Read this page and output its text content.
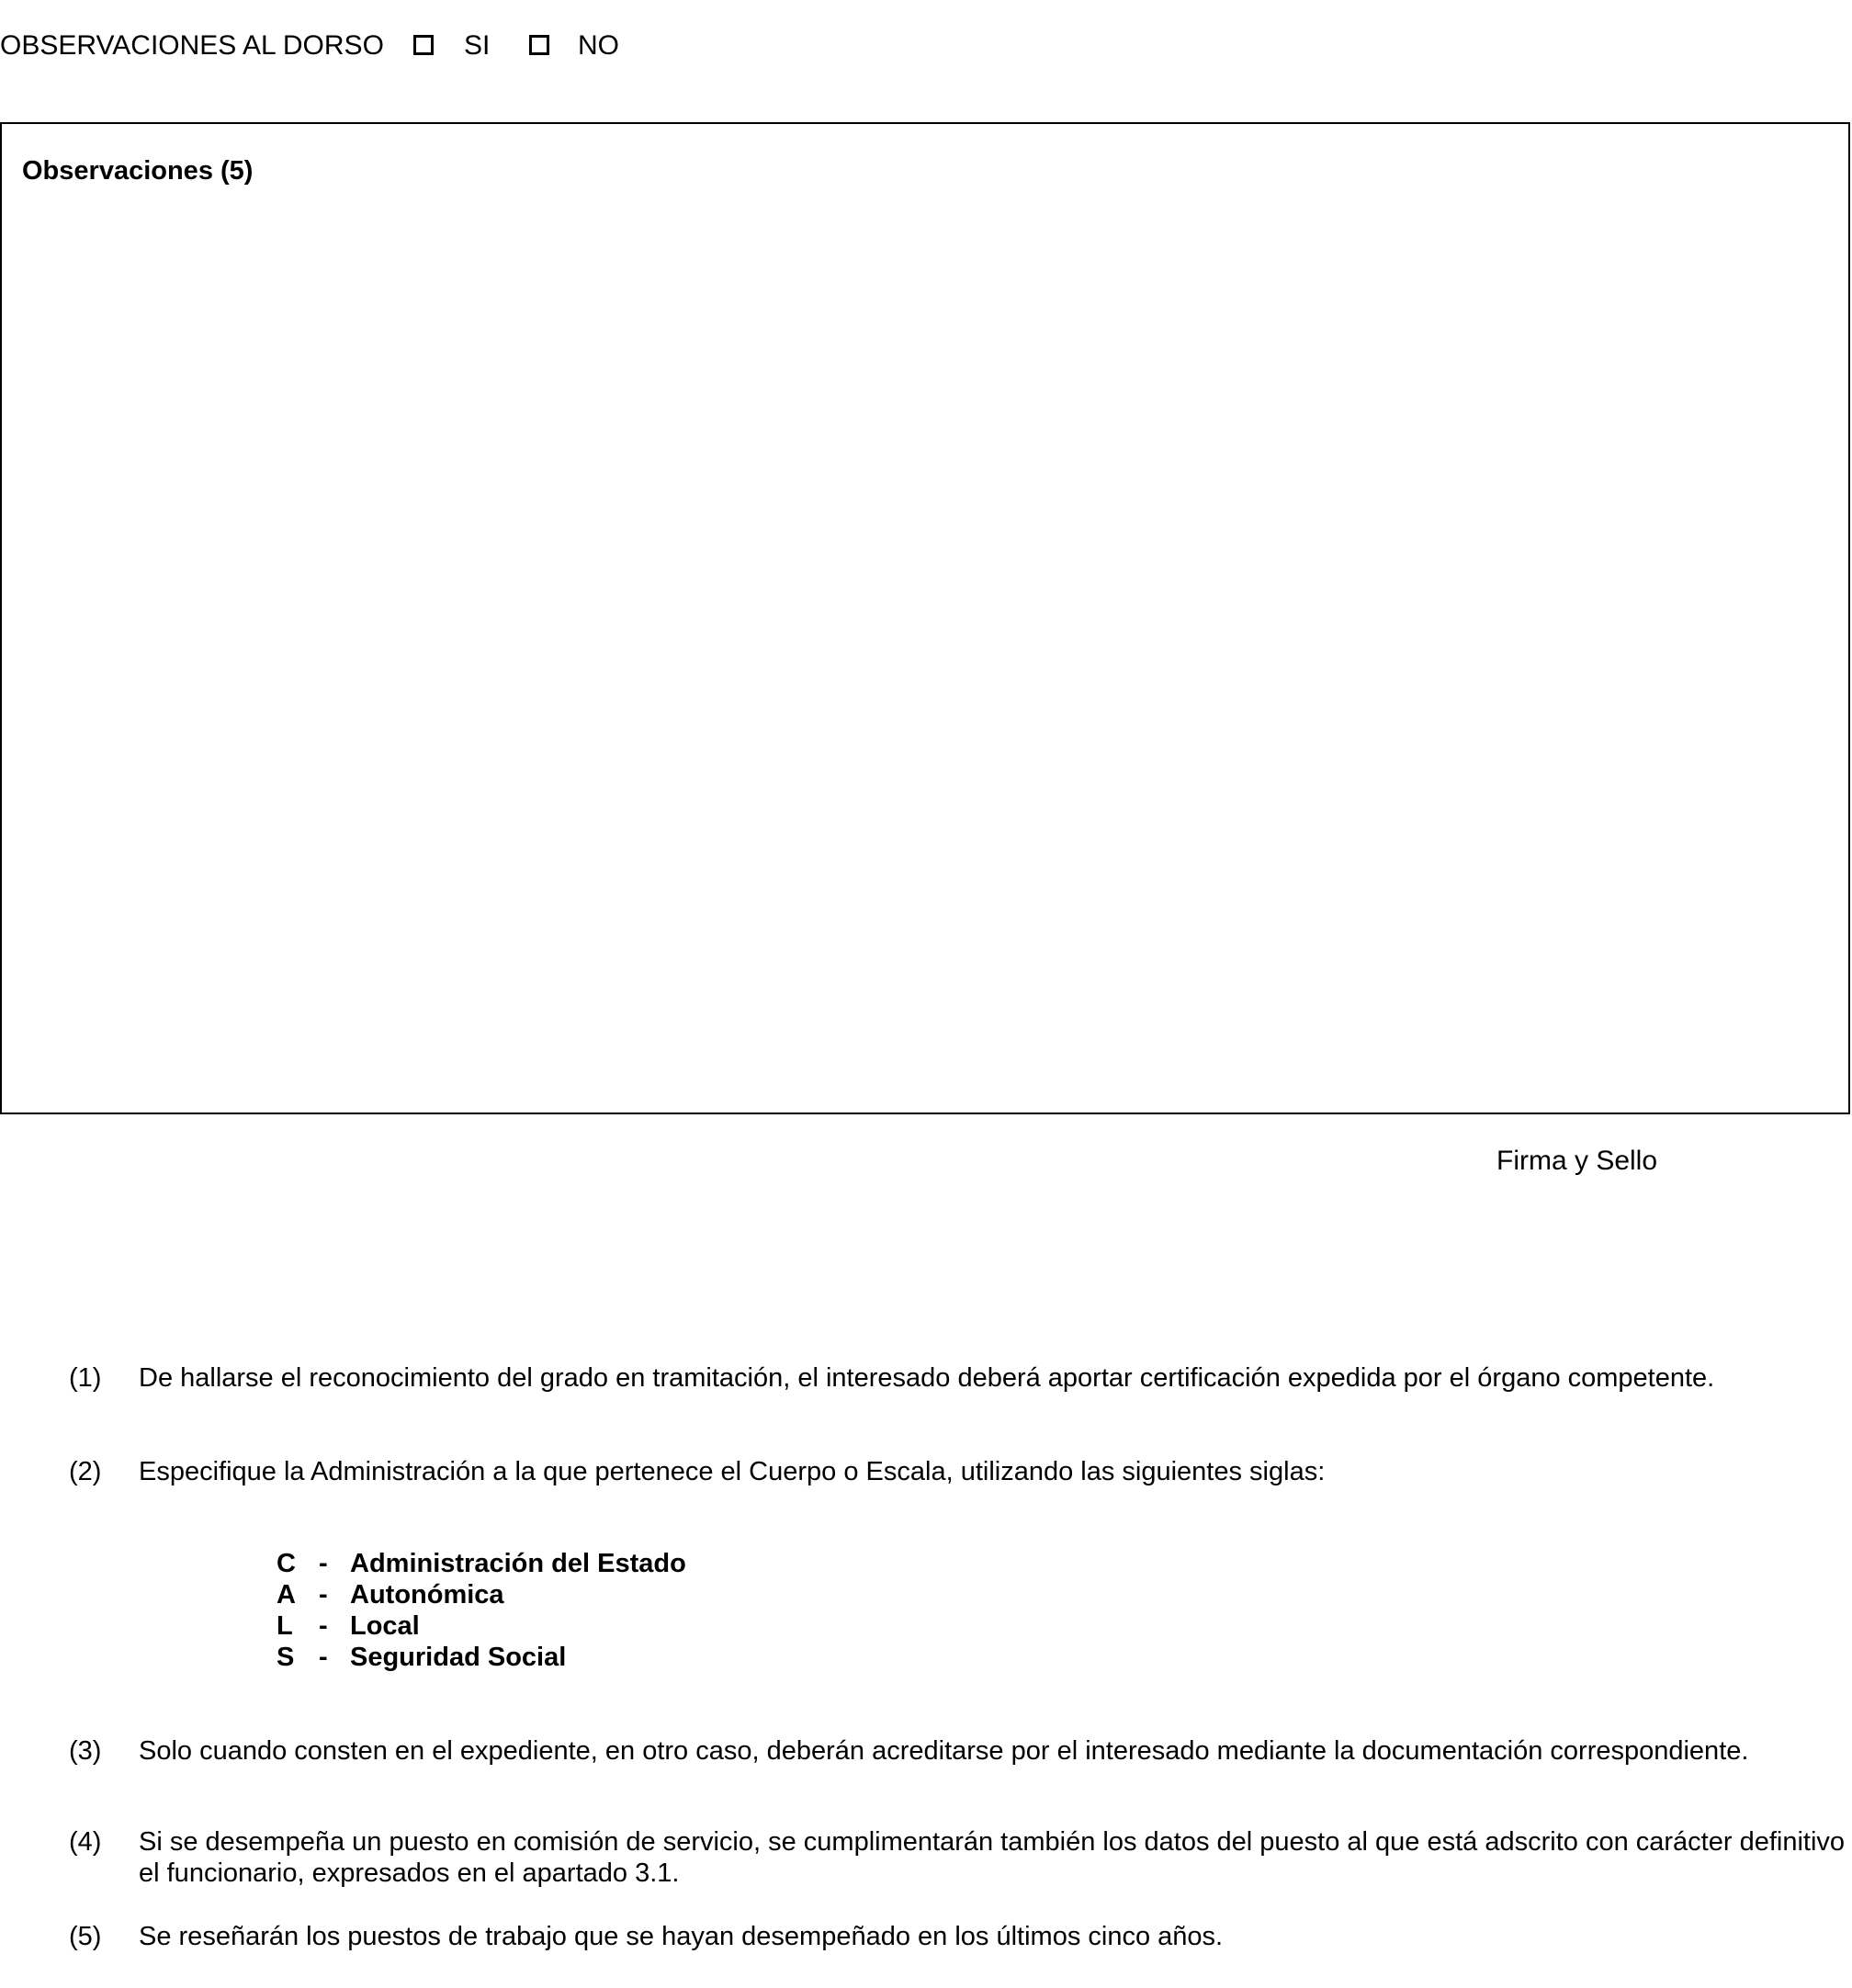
OBSERVACIONES AL DORSO	SI	NO
Observaciones (5)
Firma y Sello
(1) De hallarse el reconocimiento del grado en tramitación, el interesado deberá aportar certificación expedida por el órgano competente.
(2) Especifique la Administración a la que pertenece el Cuerpo o Escala, utilizando las siguientes siglas:
C - Administración del Estado
A - Autonómica
L - Local
S - Seguridad Social
(3) Solo cuando consten en el expediente, en otro caso, deberán acreditarse por el interesado mediante la documentación correspondiente.
(4) Si se desempeña un puesto en comisión de servicio, se cumplimentarán también los datos del puesto al que está adscrito con carácter definitivo
el funcionario, expresados en el apartado 3.1.
(5) Se reseñarán los puestos de trabajo que se hayan desempeñado en los últimos cinco años.
